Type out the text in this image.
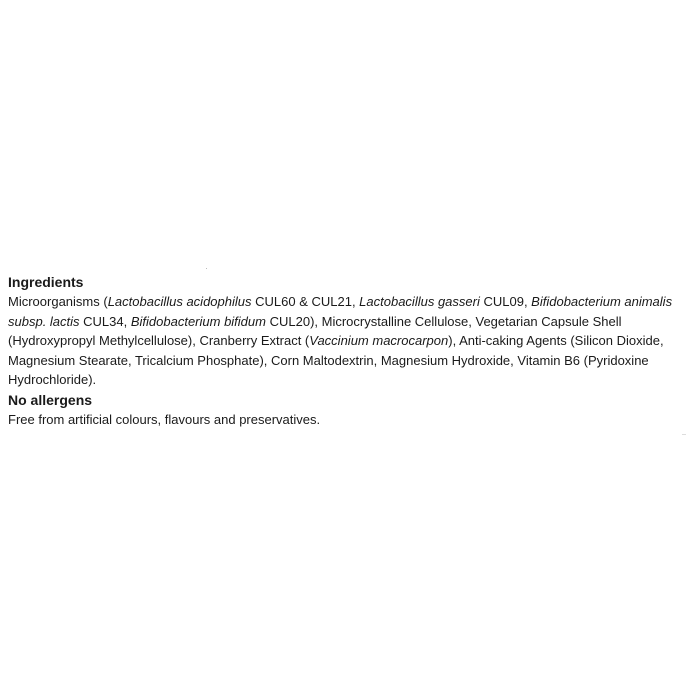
Ingredients

Microorganisms (Lactobacillus acidophilus CUL60 & CUL21, Lactobacillus gasseri CUL09, Bifidobacterium animalis
subsp. lactis CUL34, Bifidobacterium bifidum CUL20), Microcrystalline Cellulose, Vegetarian Capsule Shell
(Hydroxypropyl Methylcellulose), Cranberry Extract (Vaccinium macrocarpon), Anti-caking Agents (Silicon Dioxide,
Magnesium Stearate, Tricalcium Phosphate), Corn Maltodextrin, Magnesium Hydroxide, Vitamin B6 (Pyridoxine
Hydrochloride).

No allergens

Free from artificial colours, flavours and preservatives.
